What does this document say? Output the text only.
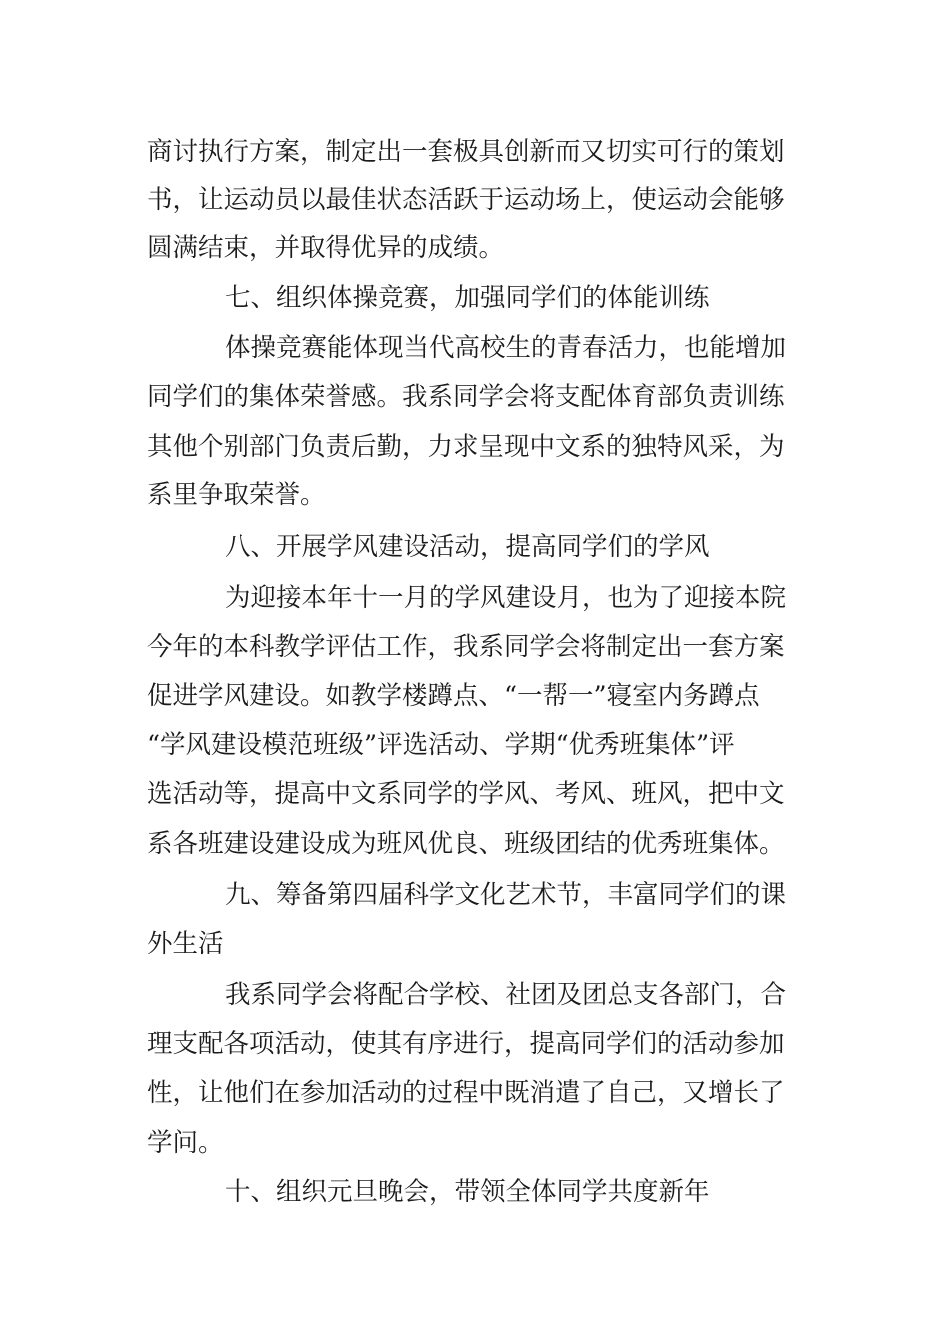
商讨执行方案，制定出一套极具创新而又切实可行的策划
书，让运动员以最佳状态活跃于运动场上，使运动会能够
圆满结束，并取得优异的成绩。
七、组织体操竞赛，加强同学们的体能训练
体操竞赛能体现当代高校生的青春活力，也能增加
同学们的集体荣誉感。我系同学会将支配体育部负责训练
其他个别部门负责后勤，力求呈现中文系的独特风采，为
系里争取荣誉。
八、开展学风建设活动，提高同学们的学风
为迎接本年十一月的学风建设月，也为了迎接本院
今年的本科教学评估工作，我系同学会将制定出一套方案
促进学风建设。如教学楼蹲点、“一帮一”寝室内务蹲点
“学风建设模范班级”评选活动、学期“优秀班集体”评
选活动等，提高中文系同学的学风、考风、班风，把中文
系各班建设建设成为班风优良、班级团结的优秀班集体。
九、筹备第四届科学文化艺术节，丰富同学们的课
外生活
我系同学会将配合学校、社团及团总支各部门，合
理支配各项活动，使其有序进行，提高同学们的活动参加
性，让他们在参加活动的过程中既消遣了自己，又增长了
学问。
十、组织元旦晚会，带领全体同学共度新年
